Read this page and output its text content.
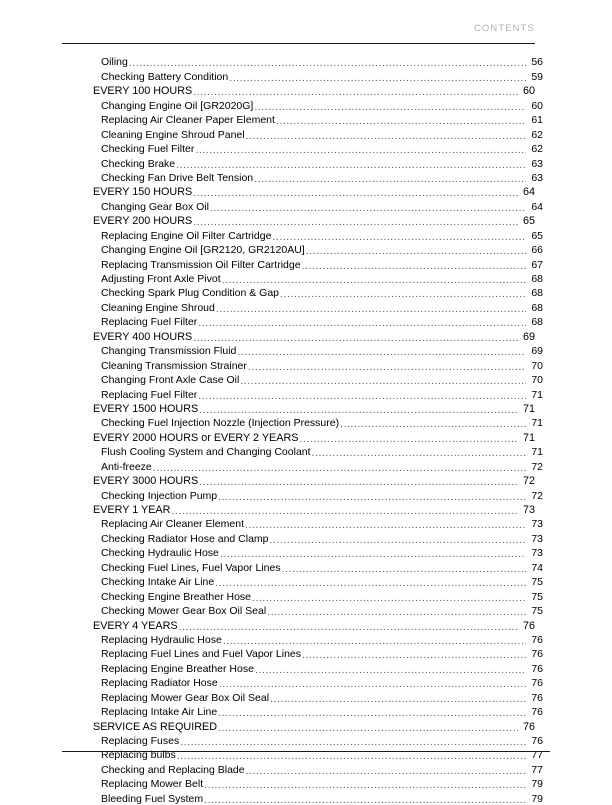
CONTENTS
Oiling .....	56
Checking Battery Condition .....	59
EVERY 100 HOURS .....	60
Changing Engine Oil [GR2020G] .....	60
Replacing Air Cleaner Paper Element .....	61
Cleaning Engine Shroud Panel .....	62
Checking Fuel Filter .....	62
Checking Brake .....	63
Checking Fan Drive Belt Tension .....	63
EVERY 150 HOURS .....	64
Changing Gear Box Oil .....	64
EVERY 200 HOURS .....	65
Replacing Engine Oil Filter Cartridge .....	65
Changing Engine Oil [GR2120, GR2120AU] .....	66
Replacing Transmission Oil Filter Cartridge .....	67
Adjusting Front Axle Pivot .....	68
Checking Spark Plug Condition & Gap .....	68
Cleaning Engine Shroud .....	68
Replacing Fuel Filter .....	68
EVERY 400 HOURS .....	69
Changing Transmission Fluid .....	69
Cleaning Transmission Strainer .....	70
Changing Front Axle Case Oil .....	70
Replacing Fuel Filter .....	71
EVERY 1500 HOURS .....	71
Checking Fuel Injection Nozzle (Injection Pressure) .....	71
EVERY 2000 HOURS or EVERY 2 YEARS .....	71
Flush Cooling System and Changing Coolant .....	71
Anti-freeze .....	72
EVERY 3000 HOURS .....	72
Checking Injection Pump .....	72
EVERY 1 YEAR .....	73
Replacing Air Cleaner Element .....	73
Checking Radiator Hose and Clamp .....	73
Checking Hydraulic Hose .....	73
Checking Fuel Lines, Fuel Vapor Lines .....	74
Checking Intake Air Line .....	75
Checking Engine Breather Hose .....	75
Checking Mower Gear Box Oil Seal .....	75
EVERY 4 YEARS .....	76
Replacing Hydraulic Hose .....	76
Replacing Fuel Lines and Fuel Vapor Lines .....	76
Replacing Engine Breather Hose .....	76
Replacing Radiator Hose .....	76
Replacing Mower Gear Box Oil Seal .....	76
Replacing Intake Air Line .....	76
SERVICE AS REQUIRED .....	76
Replacing Fuses .....	76
Replacing bulbs .....	77
Checking and Replacing Blade .....	77
Replacing Mower Belt .....	79
Bleeding Fuel System .....	79
